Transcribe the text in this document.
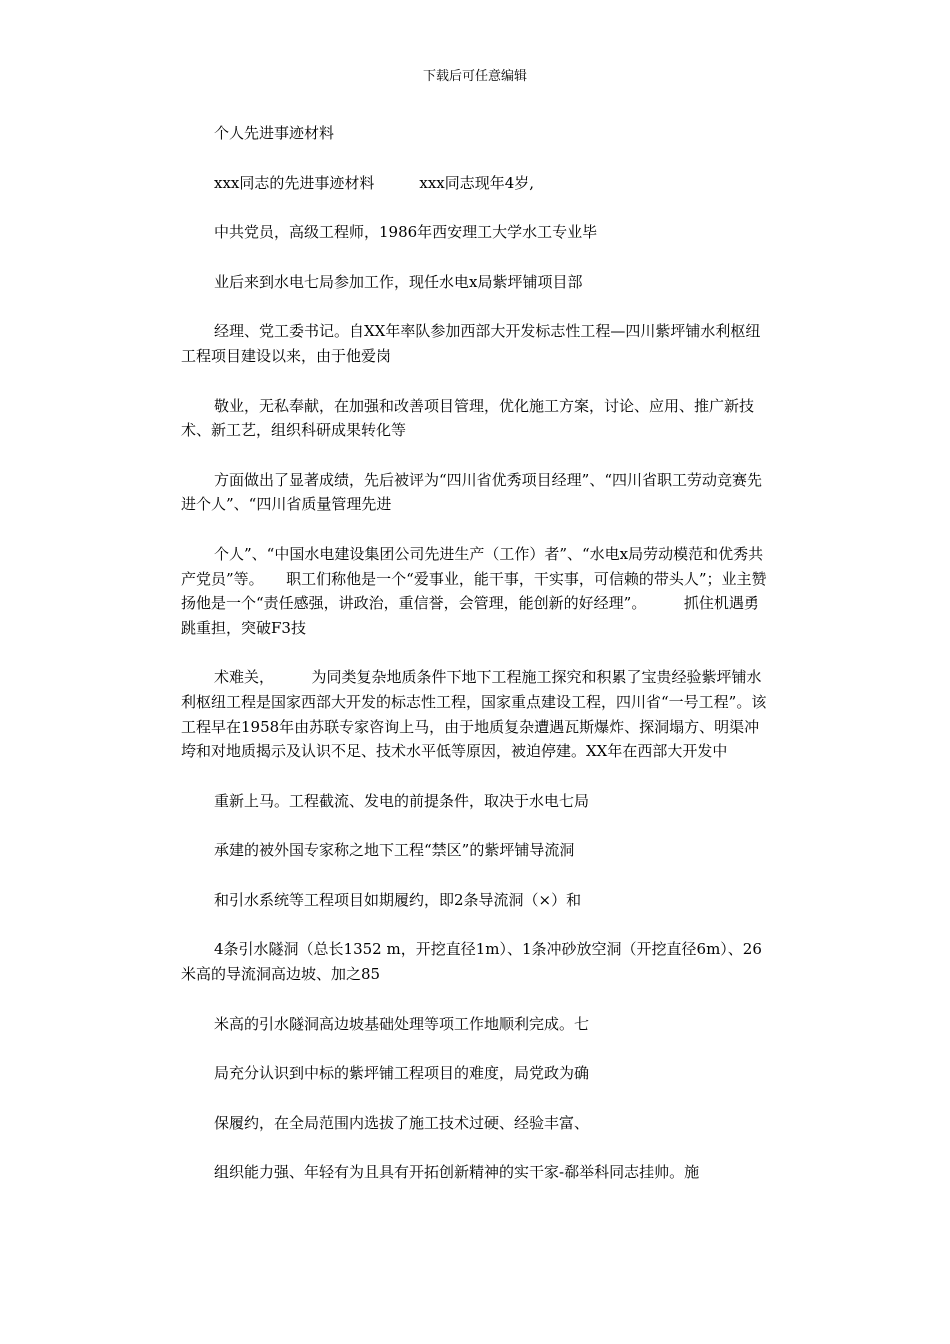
下载后可任意编辑

个人先进事迹材料

xxx同志的先进事迹材料　　　xxx同志现年4岁,

中共党员，高级工程师，1986年西安理工大学水工专业毕

业后来到水电七局参加工作，现任水电x局紫坪铺项目部

经理、党工委书记。自XX年率队参加西部大开发标志性工程—四川紫坪铺水利枢纽工程项目建设以来，由于他爱岗

敬业，无私奉献，在加强和改善项目管理，优化施工方案，讨论、应用、推广新技术、新工艺，组织科研成果转化等

方面做出了显著成绩，先后被评为“四川省优秀项目经理”、“四川省职工劳动竞赛先进个人”、“四川省质量管理先进

个人”、“中国水电建设集团公司先进生产（工作）者”、“水电x局劳动模范和优秀共产党员”等。　　职工们称他是一个“爱事业，能干事，干实事，可信赖的带头人”；业主赞扬他是一个“责任感强，讲政治，重信誉，会管理，能创新的好经理”。　　　抓住机遇勇跳重担，突破F3技

术难关，　　　为同类复杂地质条件下地下工程施工探究和积累了宝贵经验紫坪铺水利枢纽工程是国家西部大开发的标志性工程，国家重点建设工程，四川省“一号工程”。该工程早在1958年由苏联专家咨询上马，由于地质复杂遭遇瓦斯爆炸、探洞塌方、明渠冲垮和对地质揭示及认识不足、技术水平低等原因，被迫停建。XX年在西部大开发中

重新上马。工程截流、发电的前提条件，取决于水电七局

承建的被外国专家称之地下工程“禁区”的紫坪铺导流洞

和引水系统等工程项目如期履约，即2条导流洞（×）和

4条引水隧洞（总长1352 m，开挖直径1m）、1条冲砂放空洞（开挖直径6m）、26米高的导流洞高边坡、加之85

米高的引水隧洞高边坡基础处理等项工作地顺利完成。七

局充分认识到中标的紫坪铺工程项目的难度，局党政为确

保履约，在全局范围内选拔了施工技术过硬、经验丰富、

组织能力强、年轻有为且具有开拓创新精神的实干家-郗举科同志挂帅。施
